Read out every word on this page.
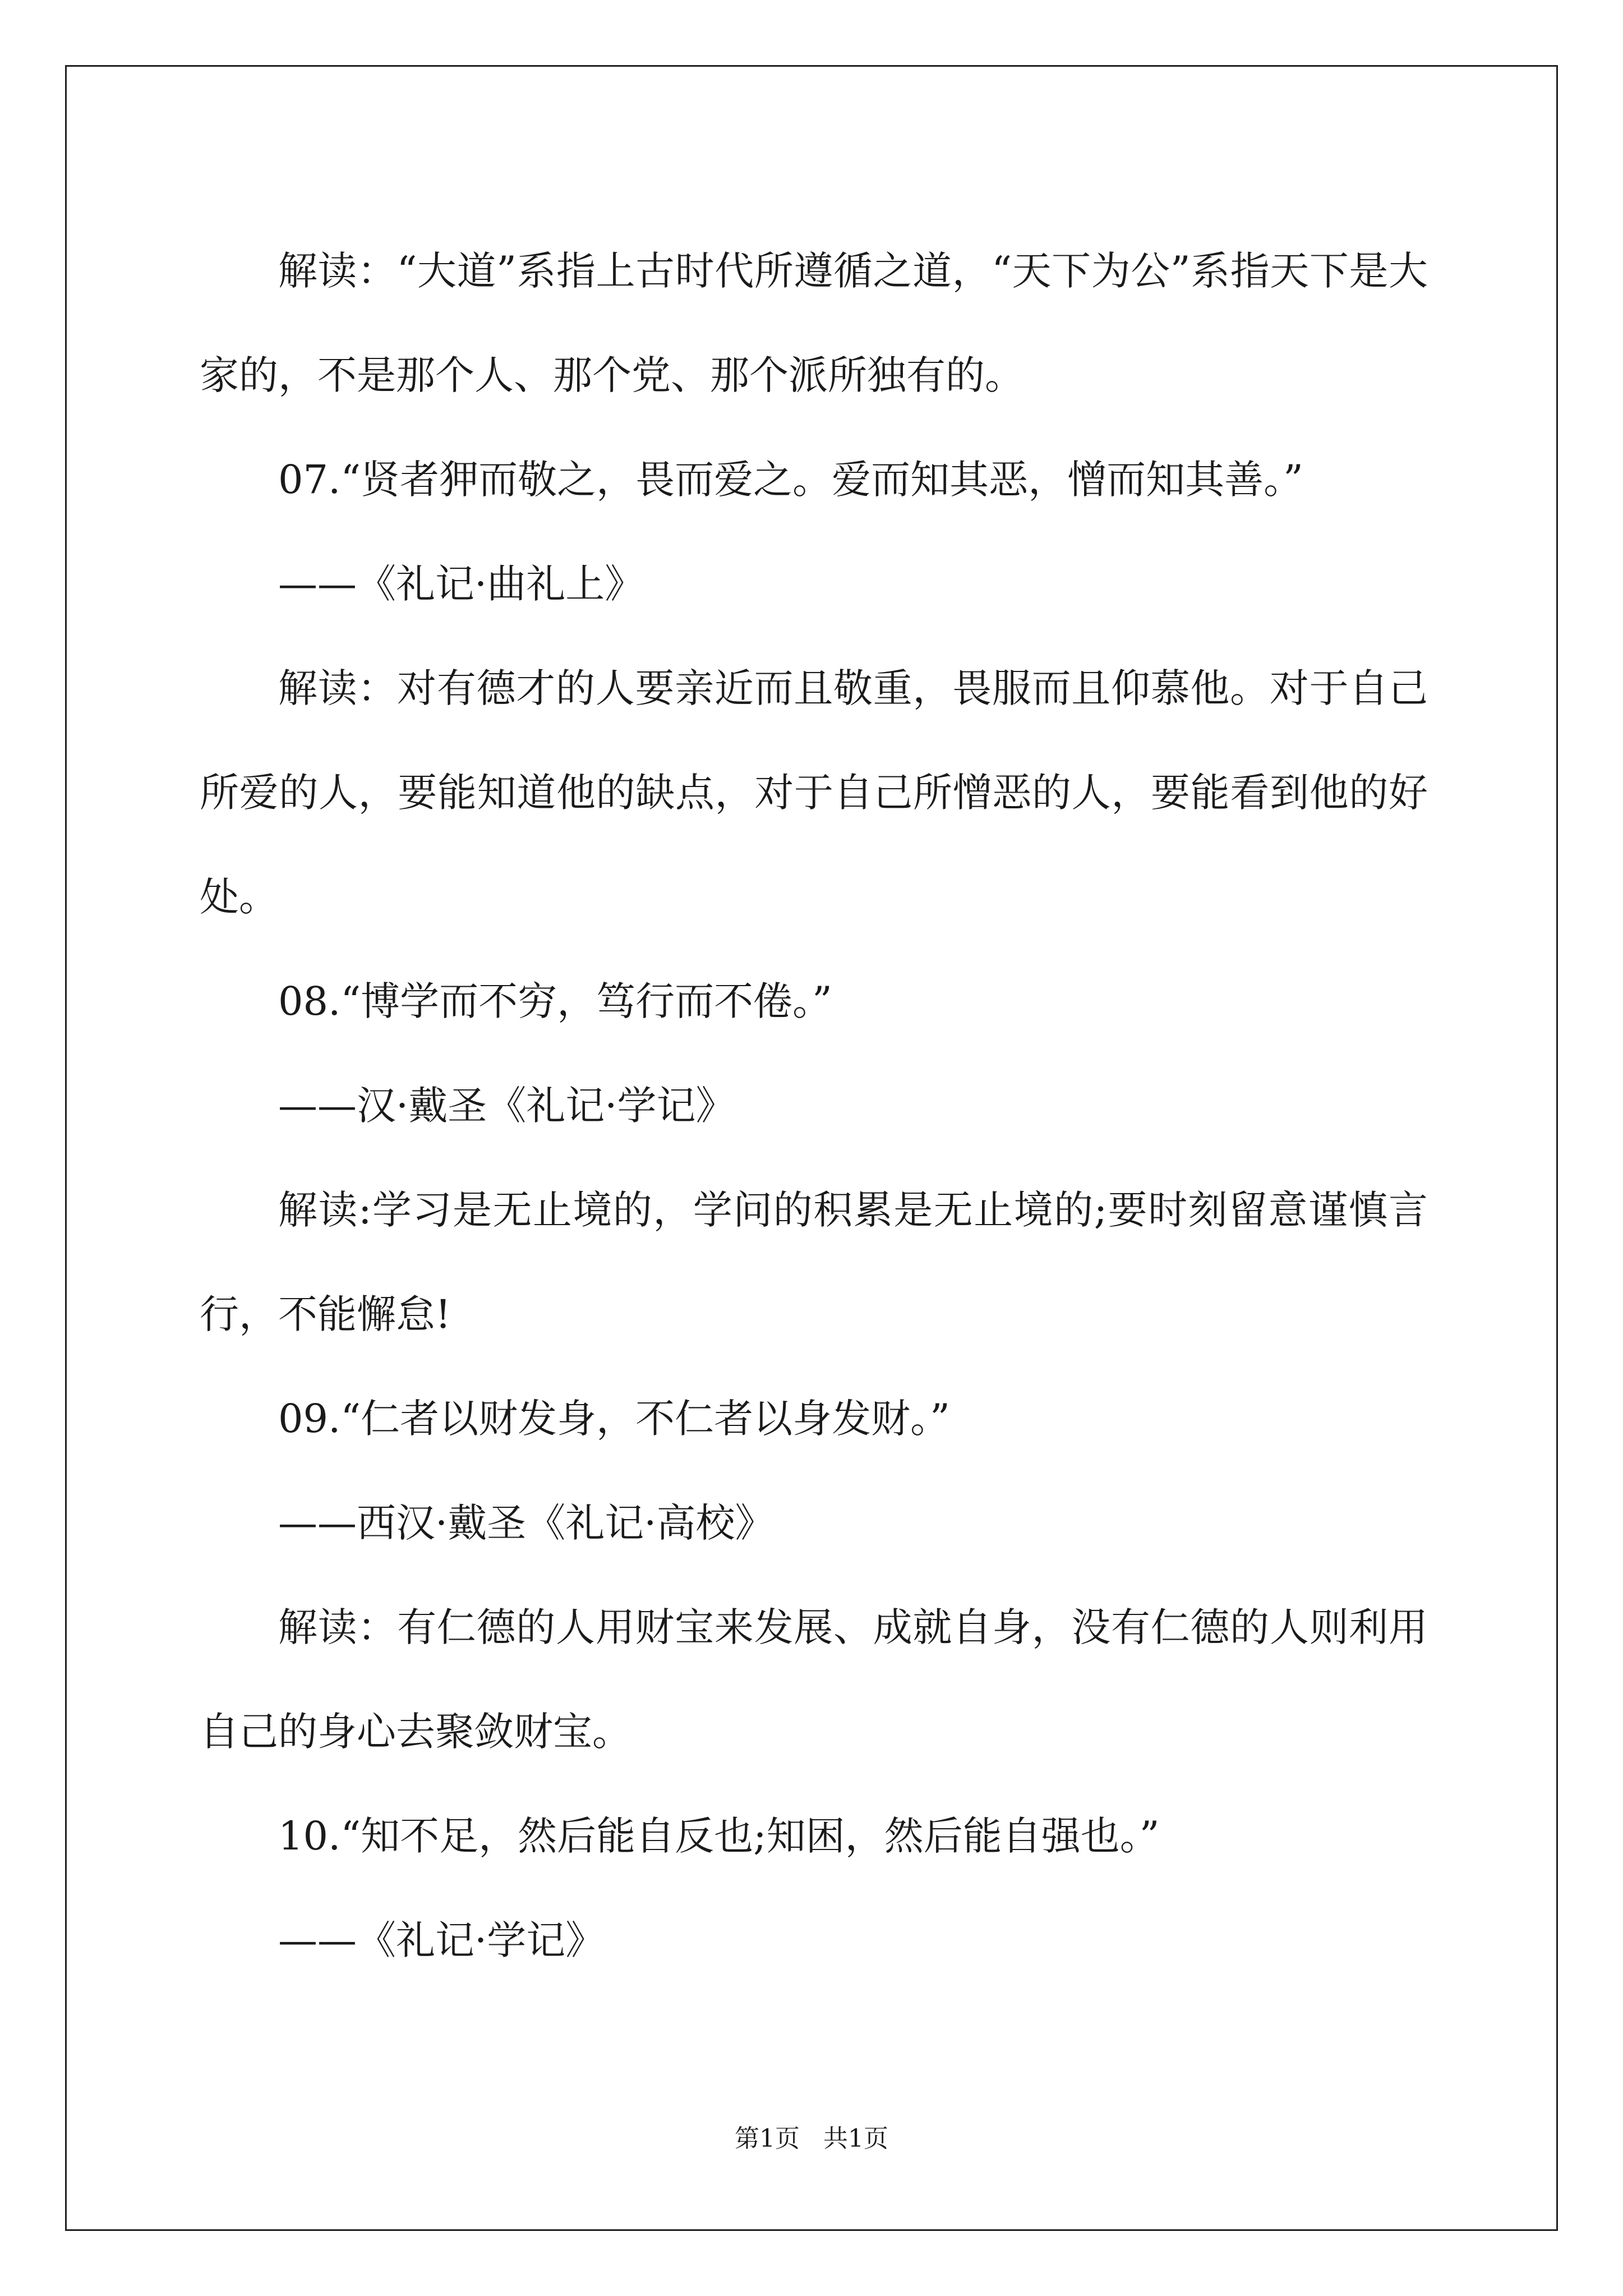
解读：“大道”系指上古时代所遵循之道，“天下为公”系指天下是大家的，不是那个人、那个党、那个派所独有的。

07.“贤者狎而敬之，畏而爱之。爱而知其恶，憎而知其善。”

——《礼记·曲礼上》

解读：对有德才的人要亲近而且敬重，畏服而且仰慕他。对于自己所爱的人，要能知道他的缺点，对于自己所憎恶的人，要能看到他的好处。

08.“博学而不穷，笃行而不倦。”

——汉·戴圣《礼记·学记》

解读:学习是无止境的，学问的积累是无止境的;要时刻留意谨慎言行，不能懈怠!

09.“仁者以财发身，不仁者以身发财。”

——西汉·戴圣《礼记·高校》

解读：有仁德的人用财宝来发展、成就自身，没有仁德的人则利用自己的身心去聚敛财宝。

10.“知不足，然后能自反也;知困，然后能自强也。”

——《礼记·学记》

第1页   共1页
